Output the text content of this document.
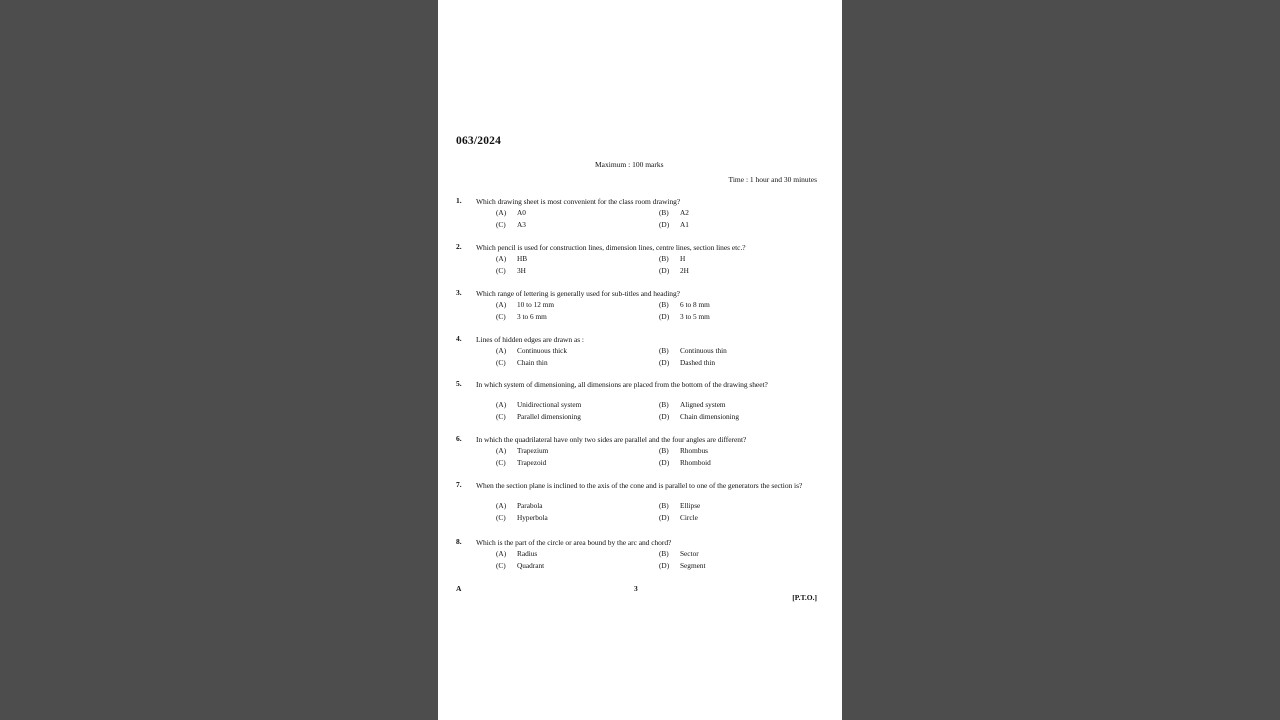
063/2024
Maximum : 100 marks
Time : 1 hour and 30 minutes
1. Which drawing sheet is most convenient for the class room drawing?
(A) A0	(B) A2
(C) A3	(D) A1
2. Which pencil is used for construction lines, dimension lines, centre lines, section lines etc.?
(A) HB	(B) H
(C) 3H	(D) 2H
3. Which range of lettering is generally used for sub-titles and heading?
(A) 10 to 12 mm	(B) 6 to 8 mm
(C) 3 to 6 mm	(D) 3 to 5 mm
4. Lines of hidden edges are drawn as :
(A) Continuous thick	(B) Continuous thin
(C) Chain thin	(D) Dashed thin
5. In which system of dimensioning, all dimensions are placed from the bottom of the drawing sheet?
(A) Unidirectional system	(B) Aligned system
(C) Parallel dimensioning	(D) Chain dimensioning
6. In which the quadrilateral have only two sides are parallel and the four angles are different?
(A) Trapezium	(B) Rhombus
(C) Trapezoid	(D) Rhomboid
7. When the section plane is inclined to the axis of the cone and is parallel to one of the generators the section is?
(A) Parabola	(B) Ellipse
(C) Hyperbola	(D) Circle
8. Which is the part of the circle or area bound by the arc and chord?
(A) Radius	(B) Sector
(C) Quadrant	(D) Segment
A	3
[P.T.O.]
